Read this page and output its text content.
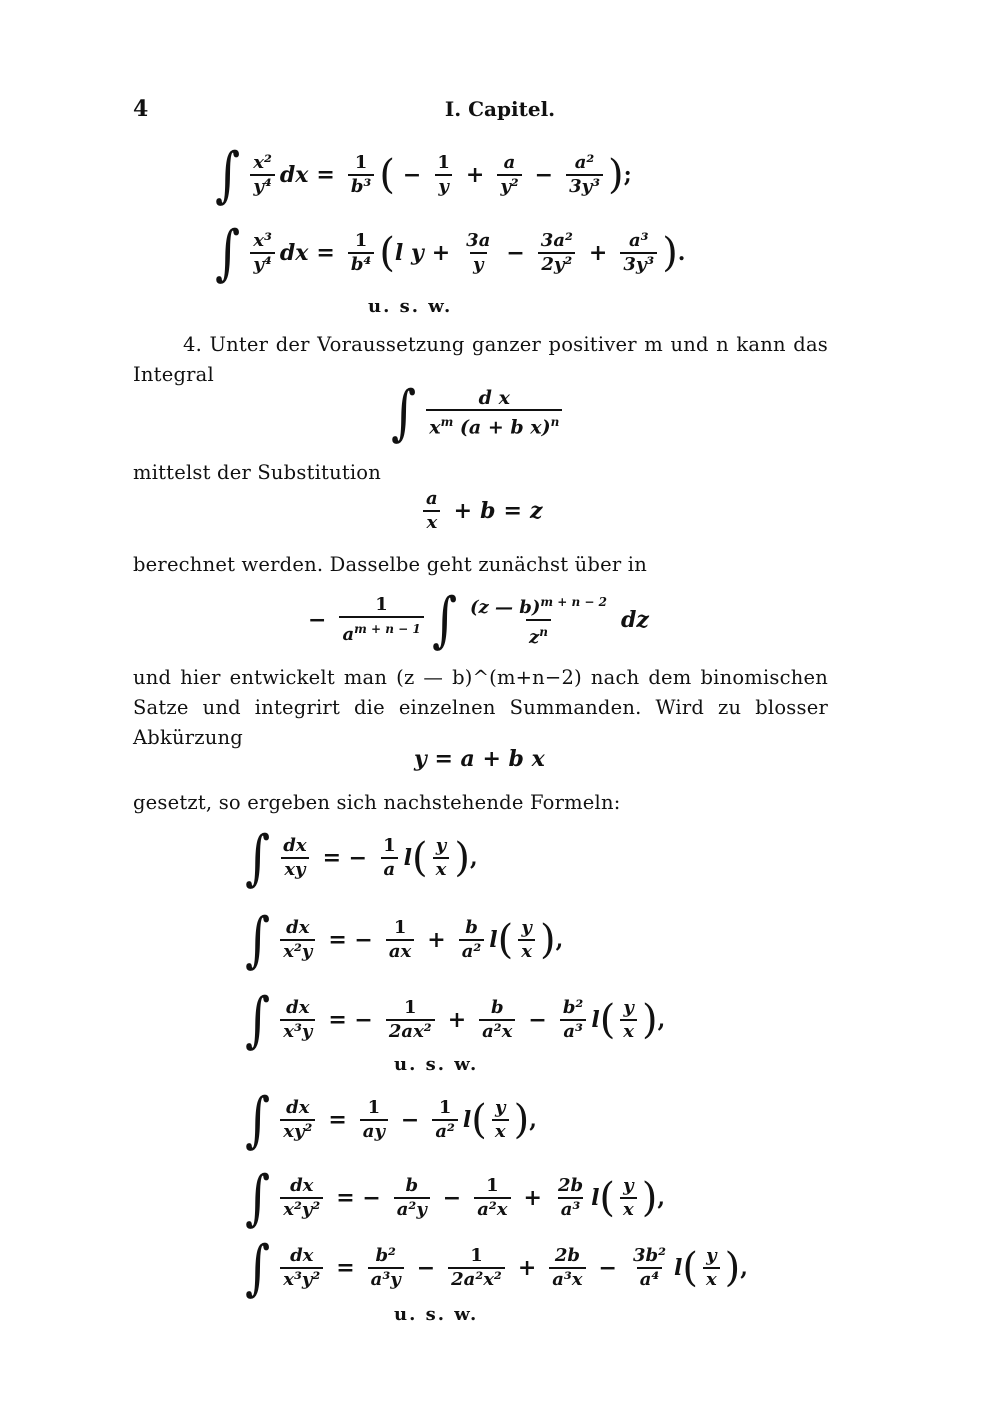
4	I. Capitel.
∫ $\frac{\text{x²}}{\text{y⁴}}$ dx = $\frac{1}{\text{b³}}$ ( − $\frac{1}{y} + \frac{a}{\text{y²}} - \frac{\text{a²}}{\text{3y³}}$ ) ;
∫ $\frac{\text{x³}}{\text{y⁴}}$ dx = $\frac{1}{\text{b⁴}}$ ( l $y + \frac{3a}{y} - \frac{\text{3a²}}{\text{2y²}} + \frac{\text{a³}}{\text{3y³}}$ ) .
u. s. w.
4. Unter der Voraussetzung ganzer positiver m und n kann das Integral
∫ $\frac{\text{d x}}{x^m (a + b x)^n}$
mittelst der Substitution
$\frac{a}{x} + b = z$
berechnet werden. Dasselbe geht zunächst über in
− $\frac{1}{a^{m + n - 1}}$ ∫ $\frac{(z — b)^{m + n - 2}}{z^n}$ dz
und hier entwickelt man (z — b)^(m+n−2) nach dem binomischen Satze und integrirt die einzelnen Summanden. Wird zu blosser Abkürzung
y = a + b x
gesetzt, so ergeben sich nachstehende Formeln:
∫ $\frac{dx}{xy}$ = − $\frac{1}{a}$ l ( $\frac{y}{x}$ ) ,
∫ $\frac{dx}{\text{x²y}}$ = − $\frac{1}{ax} + \frac{b}{\text{a²}}$ l ( $\frac{y}{x}$ ) ,
∫ $\frac{dx}{\text{x³y}}$ = − $\frac{1}{\text{2ax²}} + \frac{b}{\text{a²x}} - \frac{\text{b²}}{\text{a³}}$ l ( $\frac{y}{x}$ ) ,
u. s. w.
∫ $\frac{dx}{\text{xy²}} = \frac{1}{ay} - \frac{1}{\text{a²}}$ l ( $\frac{y}{x}$ ) ,
∫ $\frac{dx}{\text{x²y²}}$ = − $\frac{b}{\text{a²y}} - \frac{1}{\text{a²x}} + \frac{2b}{\text{a³}}$ l ( $\frac{y}{x}$ ) ,
∫ $\frac{dx}{\text{x³y²}} = \frac{\text{b²}}{\text{a³y}} - \frac{1}{\text{2a²x²}} + \frac{2b}{\text{a³x}} - \frac{\text{3b²}}{\text{a⁴}}$ l ( $\frac{y}{x}$ ) ,
u. s. w.
